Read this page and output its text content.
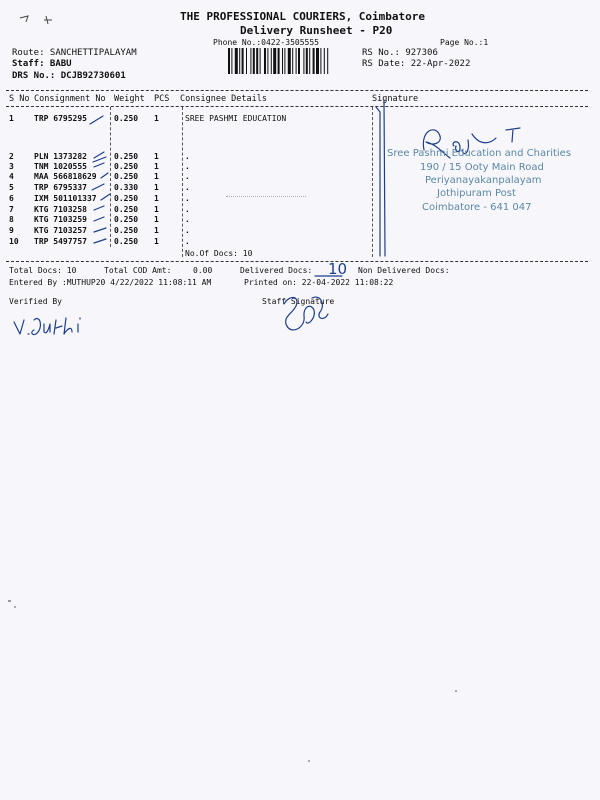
THE PROFESSIONAL COURIERS, Coimbatore
Delivery Runsheet - P20
Phone No.:0422-3505555	Page No.:1
Route: SANCHETTIPALAYAM
Staff: BABU
DRS No.: DCJB92730601
RS No.: 927306
RS Date: 22-Apr-2022
S No Consignment No Weight PCS Consignee Details	Signature
1	TRP 6795295	0.250 1	SREE PASHMI EDUCATION
2	PLN 1373282	0.250 1	.
3	TNM 1020555	0.250 1	.
4	MAA 566818629 0.250 1	.
5	TRP 6795337	0.330 1	.
6	IXM 501101337 0.250 1	.
7	KTG 7103258	0.250 1	.
8	KTG 7103259	0.250 1	.
9	KTG 7103257	0.250 1	.
10 TRP 5497757	0.250 1	.
No.Of Docs: 10
Sree Pashmi Education and Charities
190 / 15 Ooty Main Road
Periyanayakanpalayam
Jothipuram Post
Coimbatore - 641 047
Total Docs: 10	Total COD Amt:	0.00	Delivered Docs: 10 Non Delivered Docs:
Entered By :MUTHUP20 4/22/2022 11:08:11 AM	Printed on: 22-04-2022 11:08:22
Verified By	Staff Signature
